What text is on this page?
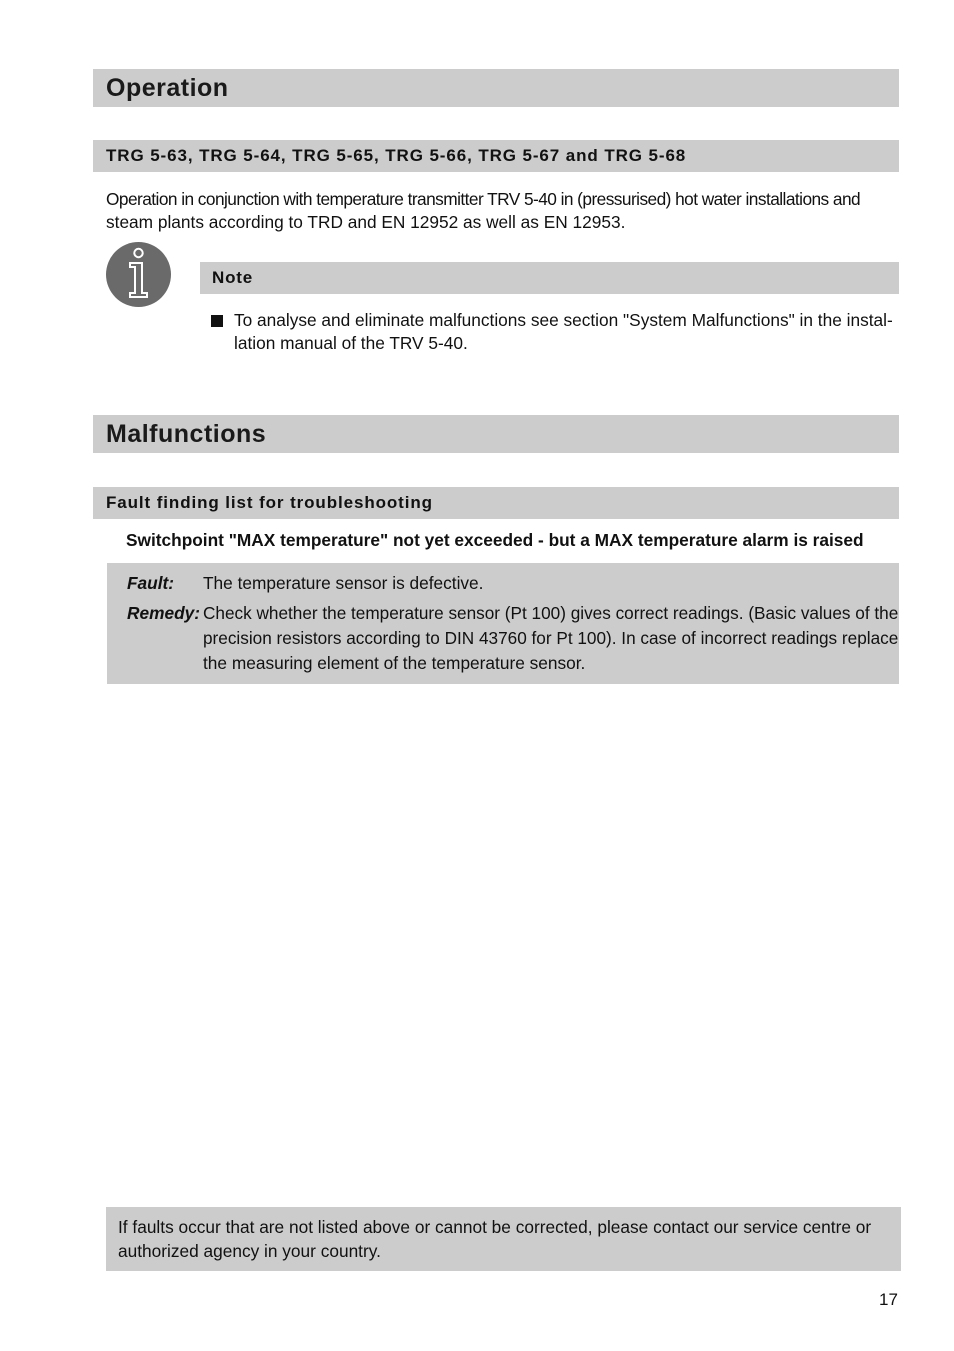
Operation
TRG 5-63, TRG 5-64, TRG 5-65, TRG 5-66, TRG 5-67 and TRG 5-68
Operation in conjunction with temperature transmitter TRV 5-40 in (pressurised) hot water installations and
steam plants according to TRD and EN 12952 as well as EN 12953.
Note
To analyse and eliminate malfunctions see section "System Malfunctions" in the instal-
lation manual of the TRV 5-40.
Malfunctions
Fault finding list for troubleshooting
Switchpoint "MAX temperature" not yet exceeded - but a MAX temperature alarm is raised
Fault: The temperature sensor is defective.
Remedy: Check whether the temperature sensor (Pt 100) gives correct readings. (Basic values of the
precision resistors according to DIN 43760 for Pt 100). In case of incorrect readings replace
the measuring element of the temperature sensor.
If faults occur that are not listed above or cannot be corrected, please contact our service centre or
authorized agency in your country.
17
